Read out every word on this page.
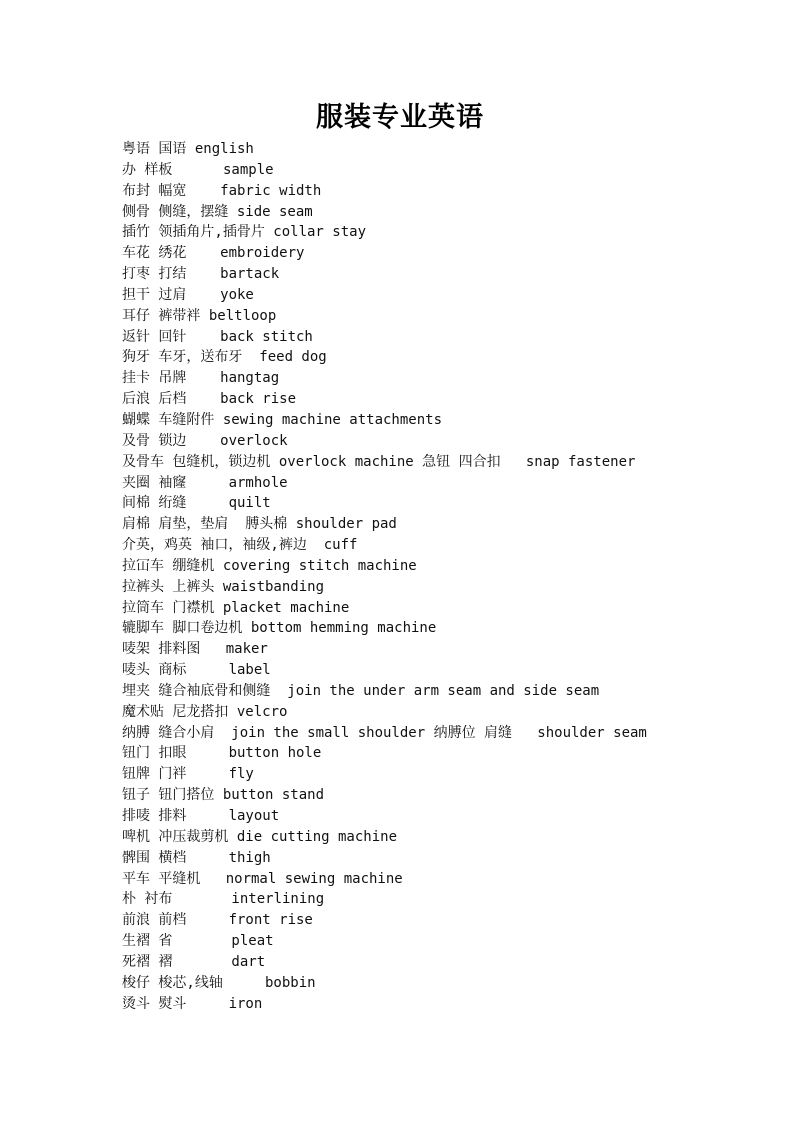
服装专业英语
粤语 国语 english
办 样板      sample
布封 幅宽    fabric width
侧骨 侧缝，摆缝 side seam
插竹 领插角片,插骨片 collar stay
车花 绣花    embroidery
打枣 打结    bartack
担干 过肩    yoke
耳仔 裤带袢 beltloop
返针 回针    back stitch
狗牙 车牙，送布牙  feed dog
挂卡 吊牌    hangtag
后浪 后档    back rise
蝴蝶 车缝附件 sewing machine attachments
及骨 锁边    overlock
及骨车 包缝机，锁边机 overlock machine 急钮 四合扣   snap fastener
夹圈 袖窿     armhole
间棉 绗缝     quilt
肩棉 肩垫，垫肩  膊头棉 shoulder pad
介英，鸡英 袖口，袖级,裤边  cuff
拉冚车 绷缝机 covering stitch machine
拉裤头 上裤头 waistbanding
拉筒车 门襟机 placket machine
辘脚车 脚口卷边机 bottom hemming machine
唛架 排料图   maker
唛头 商标     label
埋夹 缝合袖底骨和侧缝  join the under arm seam and side seam
魔术贴 尼龙搭扣 velcro
纳膊 缝合小肩  join the small shoulder 纳膊位 肩缝   shoulder seam
钮门 扣眼     button hole
钮牌 门袢     fly
钮子 钮门搭位 button stand
排唛 排料     layout
啤机 冲压裁剪机 die cutting machine
髀围 横档     thigh
平车 平缝机   normal sewing machine
朴 衬布       interlining
前浪 前档     front rise
生褶 省       pleat
死褶 褶       dart
梭仔 梭芯,线轴     bobbin
烫斗 熨斗     iron
